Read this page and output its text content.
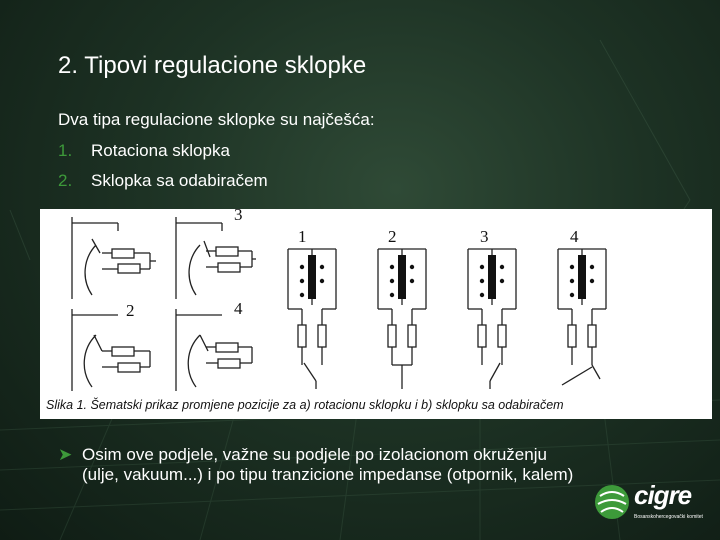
2. Tipovi regulacione sklopke
Dva tipa regulacione sklopke su najčešća:
1. Rotaciona sklopka
2. Sklopka sa odabiračem
3
2	4
1	2	3	4
Slika 1. Šematski prikaz promjene pozicije za a) rotacionu sklopku i b) sklopku sa odabiračem
➤ Osim ove podjele, važne su podjele po izolacionom okruženju (ulje, vakuum...) i po tipu tranzicione impedanse (otpornik, kalem)
cigre
Bosanskohercegovački komitet
